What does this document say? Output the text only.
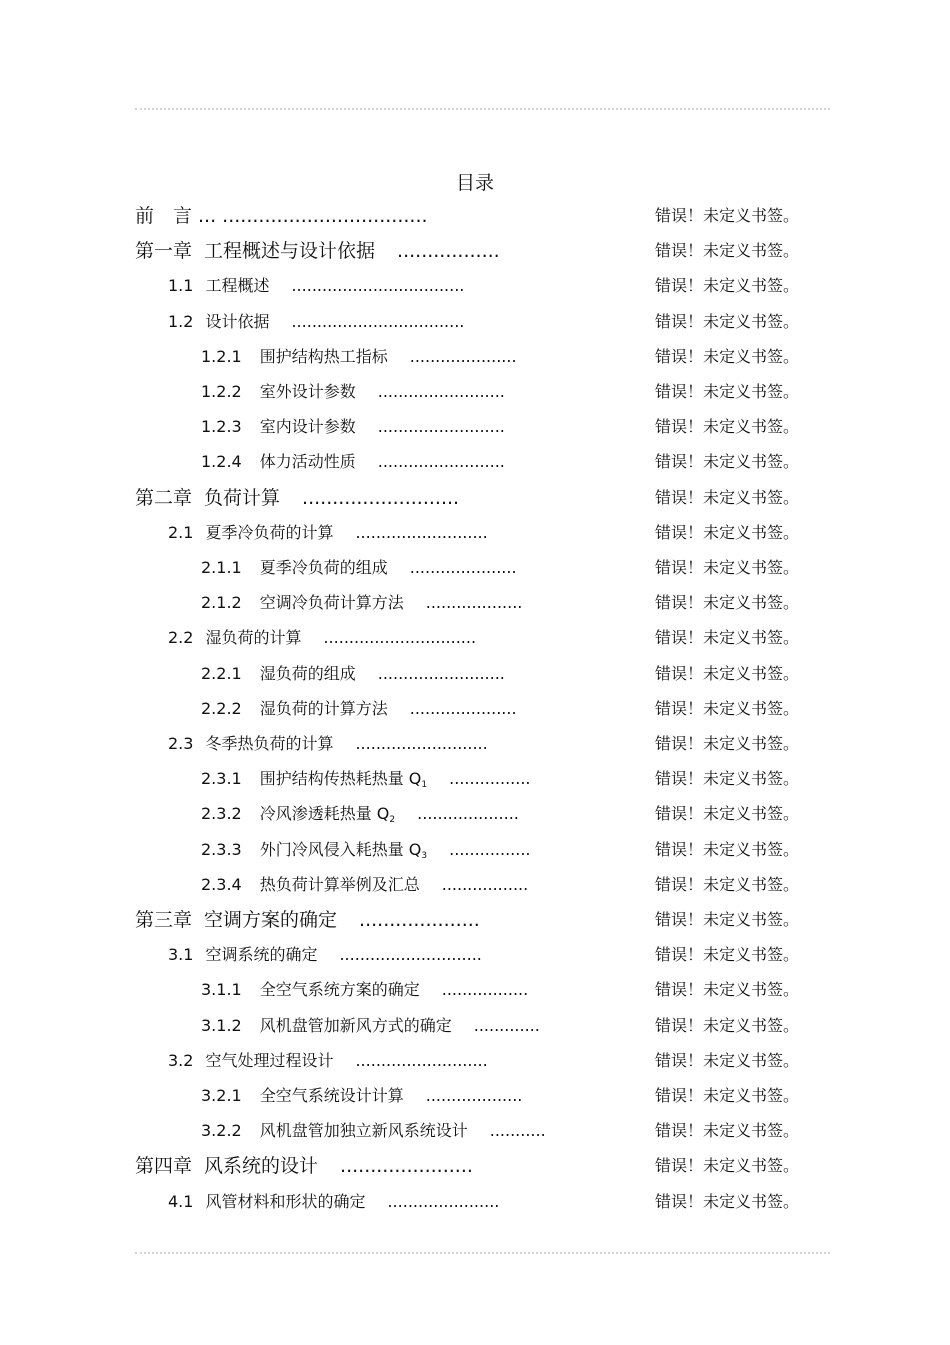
目录
前　言 ... ..................................	错误！未定义书签。
第一章 工程概述与设计依据 .................	错误！未定义书签。
1.1 工程概述 ..................................	错误！未定义书签。
1.2 设计依据 ..................................	错误！未定义书签。
1.2.1 围护结构热工指标 .....................	错误！未定义书签。
1.2.2 室外设计参数 .........................	错误！未定义书签。
1.2.3 室内设计参数 .........................	错误！未定义书签。
1.2.4 体力活动性质 .........................	错误！未定义书签。
第二章 负荷计算 ..........................	错误！未定义书签。
2.1 夏季冷负荷的计算 ..........................	错误！未定义书签。
2.1.1 夏季冷负荷的组成 .....................	错误！未定义书签。
2.1.2 空调冷负荷计算方法 ...................	错误！未定义书签。
2.2 湿负荷的计算 ..............................	错误！未定义书签。
2.2.1 湿负荷的组成 .........................	错误！未定义书签。
2.2.2 湿负荷的计算方法 .....................	错误！未定义书签。
2.3 冬季热负荷的计算 ..........................	错误！未定义书签。
2.3.1 围护结构传热耗热量 $Q_1$ ................	错误！未定义书签。
2.3.2 冷风渗透耗热量 $Q_2$ ....................	错误！未定义书签。
2.3.3 外门冷风侵入耗热量 $Q_3$ ................	错误！未定义书签。
2.3.4 热负荷计算举例及汇总 .................	错误！未定义书签。
第三章 空调方案的确定 ....................	错误！未定义书签。
3.1 空调系统的确定 ............................	错误！未定义书签。
3.1.1 全空气系统方案的确定 .................	错误！未定义书签。
3.1.2 风机盘管加新风方式的确定 .............	错误！未定义书签。
3.2 空气处理过程设计 ..........................	错误！未定义书签。
3.2.1 全空气系统设计计算 ...................	错误！未定义书签。
3.2.2 风机盘管加独立新风系统设计 ...........	错误！未定义书签。
第四章 风系统的设计 ......................	错误！未定义书签。
4.1 风管材料和形状的确定 ......................	错误！未定义书签。
